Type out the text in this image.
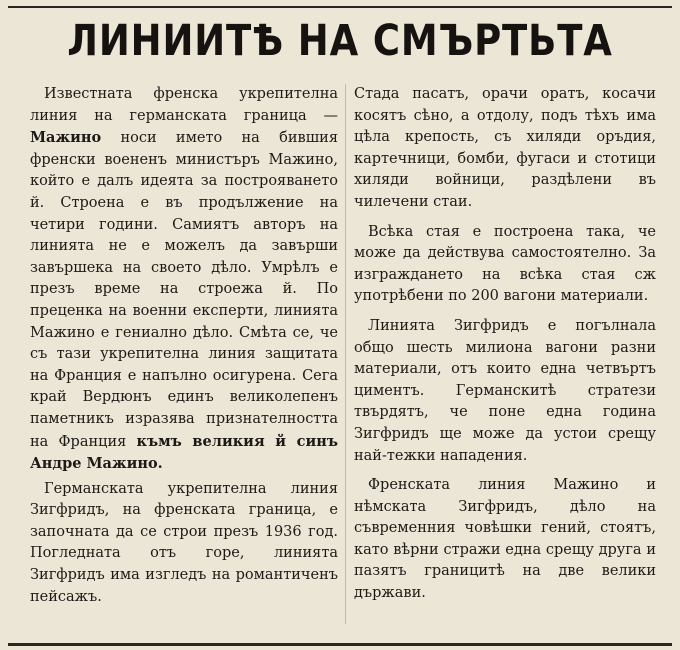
ЛИНИИТѢ НА СМЪРТЬТА

Известната френска укрепителна линия на германската граница — Мажино носи името на бившия френски воененъ министъръ Мажино, който е далъ идеята за построяването й. Строена е въ продължение на четири години. Самиятъ авторъ на линията не е можелъ да завърши завършека на своето дѣло. Умрѣлъ е презъ време на строежа й. По преценка на военни експерти, линията Мажино е гениално дѣло. Смѣта се, че съ тази укрепителна линия защитата на Франция е напълно осигурена. Сега край Вердюнъ единъ великолепенъ паметникъ изразява признателността на Франция къмъ великия й синъ Андре Мажино.

Германската укрепителна линия Зигфридъ, на френската граница, е започната да се строи презъ 1936 год. Погледната отъ горе, линията Зигфридъ има изгледъ на романтиченъ пейсажъ.

Стада пасатъ, орачи оратъ, косачи косятъ сѣно, а отдолу, подъ тѣхъ има цѣла крепость, съ хиляди оръдия, картечници, бомби, фугаси и стотици хиляди войници, раздѣлени въ чилечени стаи.

Всѣка стая е построена така, че може да действува самостоятелно. За изграждането на всѣка стая сж употрѣбени по 200 вагони материали.

Линията Зигфридъ е погълнала общо шесть милиона вагони разни материали, отъ които една четвъртъ циментъ. Германскитѣ стратези твърдятъ, че поне една година Зигфридъ ще може да устои срещу най-тежки нападения.

Френската линия Мажино и нѣмската Зигфридъ, дѣло на съвременния човѣшки гений, стоятъ, като вѣрни стражи една срещу друга и пазятъ границитѣ на две велики държави.
